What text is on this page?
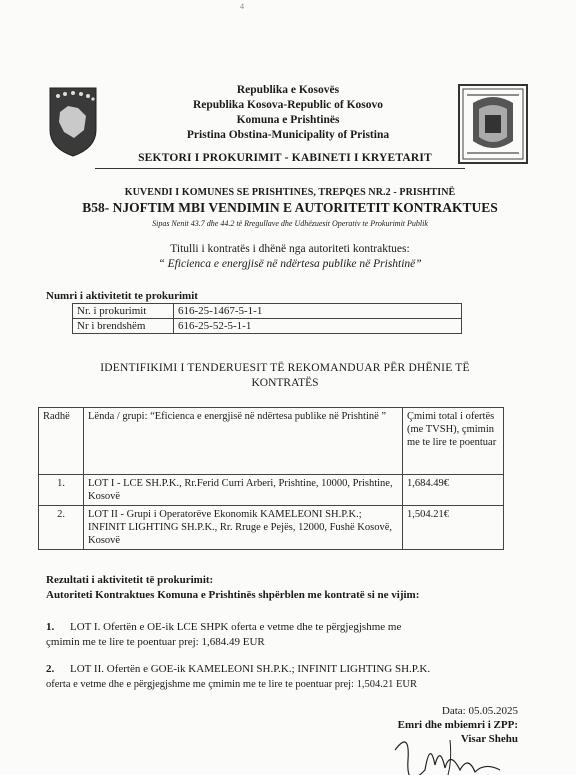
4
Republika e Kosovës
Republika Kosova-Republic of Kosovo
Komuna e Prishtinës
Pristina Obstina-Municipality of Pristina
SEKTORI I PROKURIMIT - KABINETI I KRYETARIT
KUVENDI I KOMUNES SE PRISHTINES, TREPQES NR.2 - PRISHTINË
B58- NJOFTIM MBI VENDIMIN E AUTORITETIT KONTRAKTUES
Sipas Nenit 43.7 dhe 44.2 të Rregullave dhe Udhëzuesit Operativ te Prokurimit Publik
Titulli i kontratës i dhënë nga autoriteti kontraktues:
“ Eficienca e energjisë në ndërtesa publike në Prishtinë”
Numri i aktivitetit te prokurimit
Nr. i prokurimit	616-25-1467-5-1-1
Nr i brendshëm	616-25-52-5-1-1
IDENTIFIKIMI I TENDERUESIT TË REKOMANDUAR PËR DHËNIE TË
KONTRATËS
Radhë	Lënda / grupi: “Eficienca e energjisë në ndërtesa publike në Prishtinë ”	Çmimi total i ofertës (me TVSH), çmimin me te lire te poentuar
1.	LOT I - LCE SH.P.K., Rr.Ferid Curri Arberi, Prishtine, 10000, Prishtine, Kosovë	1,684.49€
2.	LOT II - Grupi i Operatorëve Ekonomik KAMELEONI SH.P.K.; INFINIT LIGHTING SH.P.K., Rr. Rruge e Pejës, 12000, Fushë Kosovë, Kosovë	1,504.21€
Rezultati i aktivitetit të prokurimit:
Autoriteti Kontraktues Komuna e Prishtinës shpërblen me kontratë si ne vijim:
1. LOT I. Ofertën e OE-ik LCE SHPK oferta e vetme dhe te përgjegjshme me
çmimin me te lire te poentuar prej: 1,684.49 EUR
2. LOT II. Ofertën e GOE-ik KAMELEONI SH.P.K.; INFINIT LIGHTING SH.P.K.
oferta e vetme dhe e përgjegjshme me çmimin me te lire te poentuar prej: 1,504.21 EUR
Data: 05.05.2025
Emri dhe mbiemri i ZPP:
Visar Shehu
